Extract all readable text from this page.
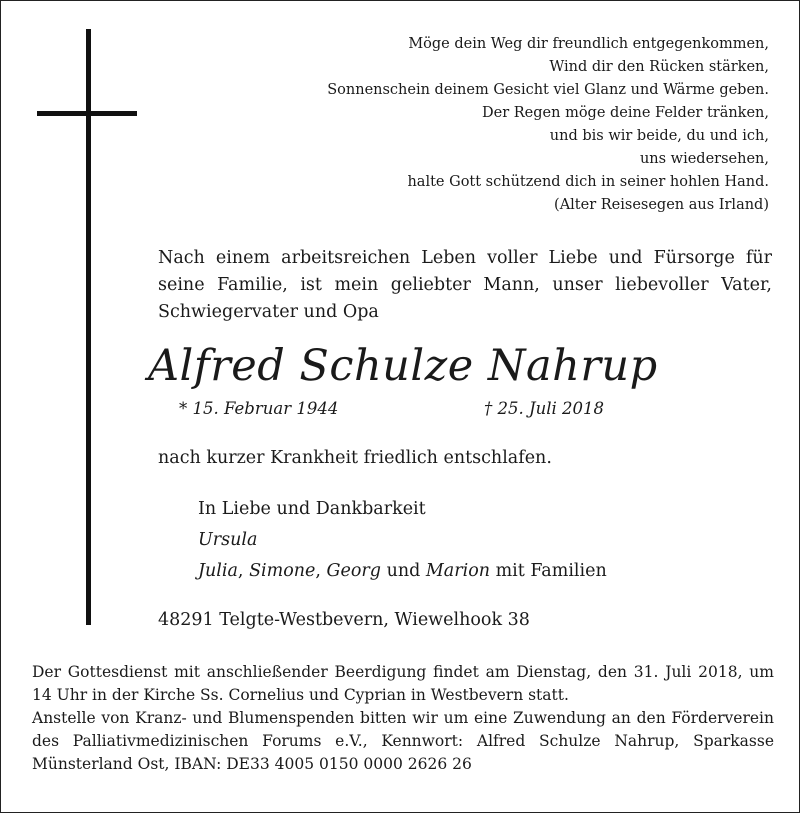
Möge dein Weg dir freundlich entgegenkommen,
Wind dir den Rücken stärken,
Sonnenschein deinem Gesicht viel Glanz und Wärme geben.
Der Regen möge deine Felder tränken,
und bis wir beide, du und ich,
uns wiedersehen,
halte Gott schützend dich in seiner hohlen Hand.
(Alter Reisesegen aus Irland)
Nach einem arbeitsreichen Leben voller Liebe und Fürsorge für seine Familie, ist mein geliebter Mann, unser liebevoller Vater, Schwiegervater und Opa
Alfred Schulze Nahrup
* 15. Februar 1944	† 25. Juli 2018
nach kurzer Krankheit friedlich entschlafen.
In Liebe und Dankbarkeit
Ursula
Julia, Simone, Georg und Marion mit Familien
48291 Telgte-Westbevern, Wiewelhook 38

Der Gottesdienst mit anschließender Beerdigung findet am Dienstag, den 31. Juli 2018, um 14 Uhr in der Kirche Ss. Cornelius und Cyprian in Westbevern statt.

Anstelle von Kranz- und Blumenspenden bitten wir um eine Zuwendung an den Förderverein des Palliativmedizinischen Forums e.V., Kennwort: Alfred Schulze Nahrup, Sparkasse Münsterland Ost, IBAN: DE33 4005 0150 0000 2626 26
